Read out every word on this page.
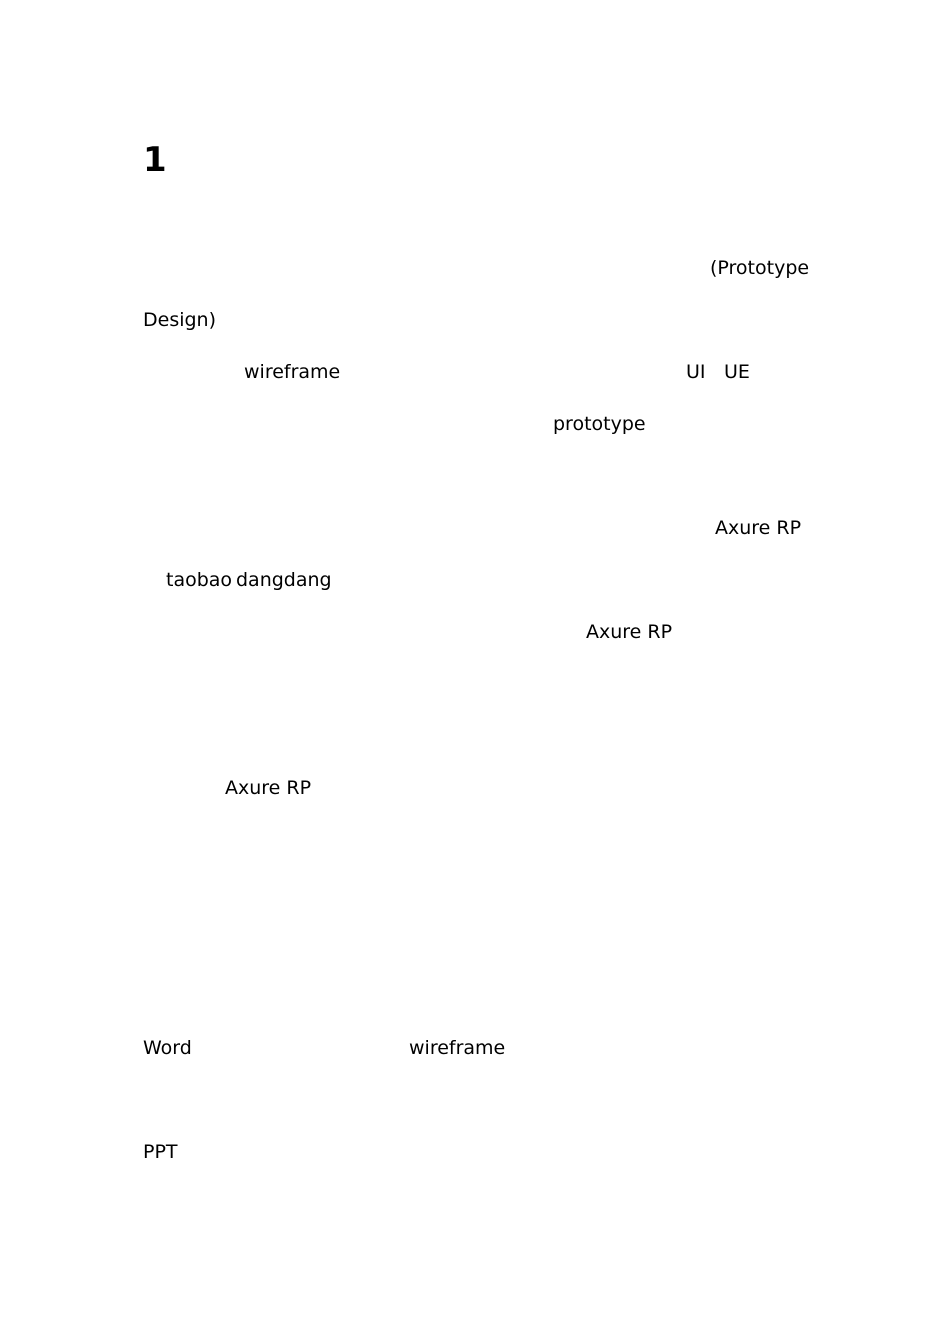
1
(Prototype
Design)
wireframe	UI UE
prototype
Axure RP
taobao dangdang
Axure RP
Axure RP
Word	wireframe
PPT
